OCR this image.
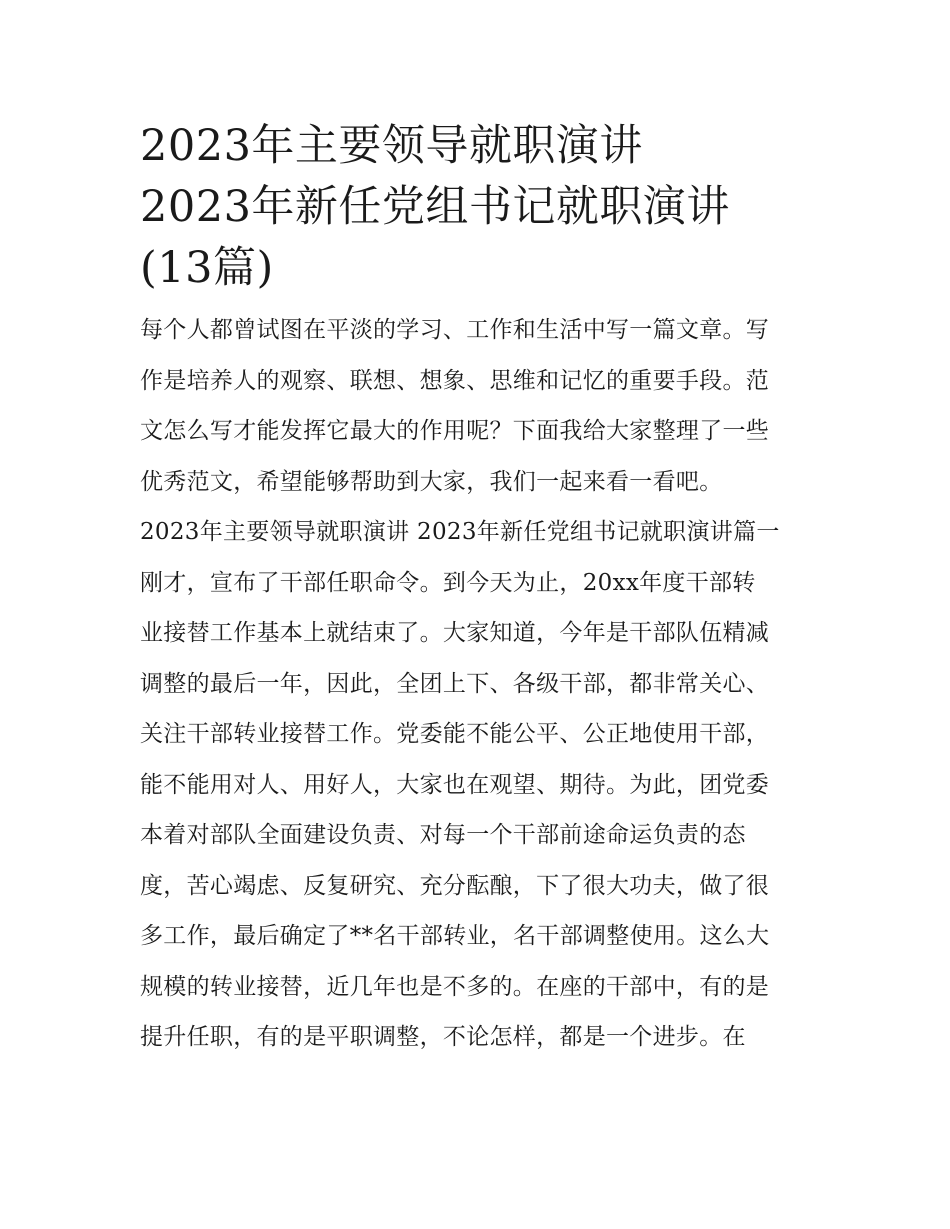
2023年主要领导就职演讲
2023年新任党组书记就职演讲
(13篇)
每个人都曾试图在平淡的学习、工作和生活中写一篇文章。写
作是培养人的观察、联想、想象、思维和记忆的重要手段。范
文怎么写才能发挥它最大的作用呢？下面我给大家整理了一些
优秀范文，希望能够帮助到大家，我们一起来看一看吧。
2023年主要领导就职演讲 2023年新任党组书记就职演讲篇一
刚才，宣布了干部任职命令。到今天为止，20xx年度干部转
业接替工作基本上就结束了。大家知道，今年是干部队伍精减
调整的最后一年，因此，全团上下、各级干部，都非常关心、
关注干部转业接替工作。党委能不能公平、公正地使用干部，
能不能用对人、用好人，大家也在观望、期待。为此，团党委
本着对部队全面建设负责、对每一个干部前途命运负责的态
度，苦心竭虑、反复研究、充分酝酿，下了很大功夫，做了很
多工作，最后确定了**名干部转业，名干部调整使用。这么大
规模的转业接替，近几年也是不多的。在座的干部中，有的是
提升任职，有的是平职调整，不论怎样，都是一个进步。在
